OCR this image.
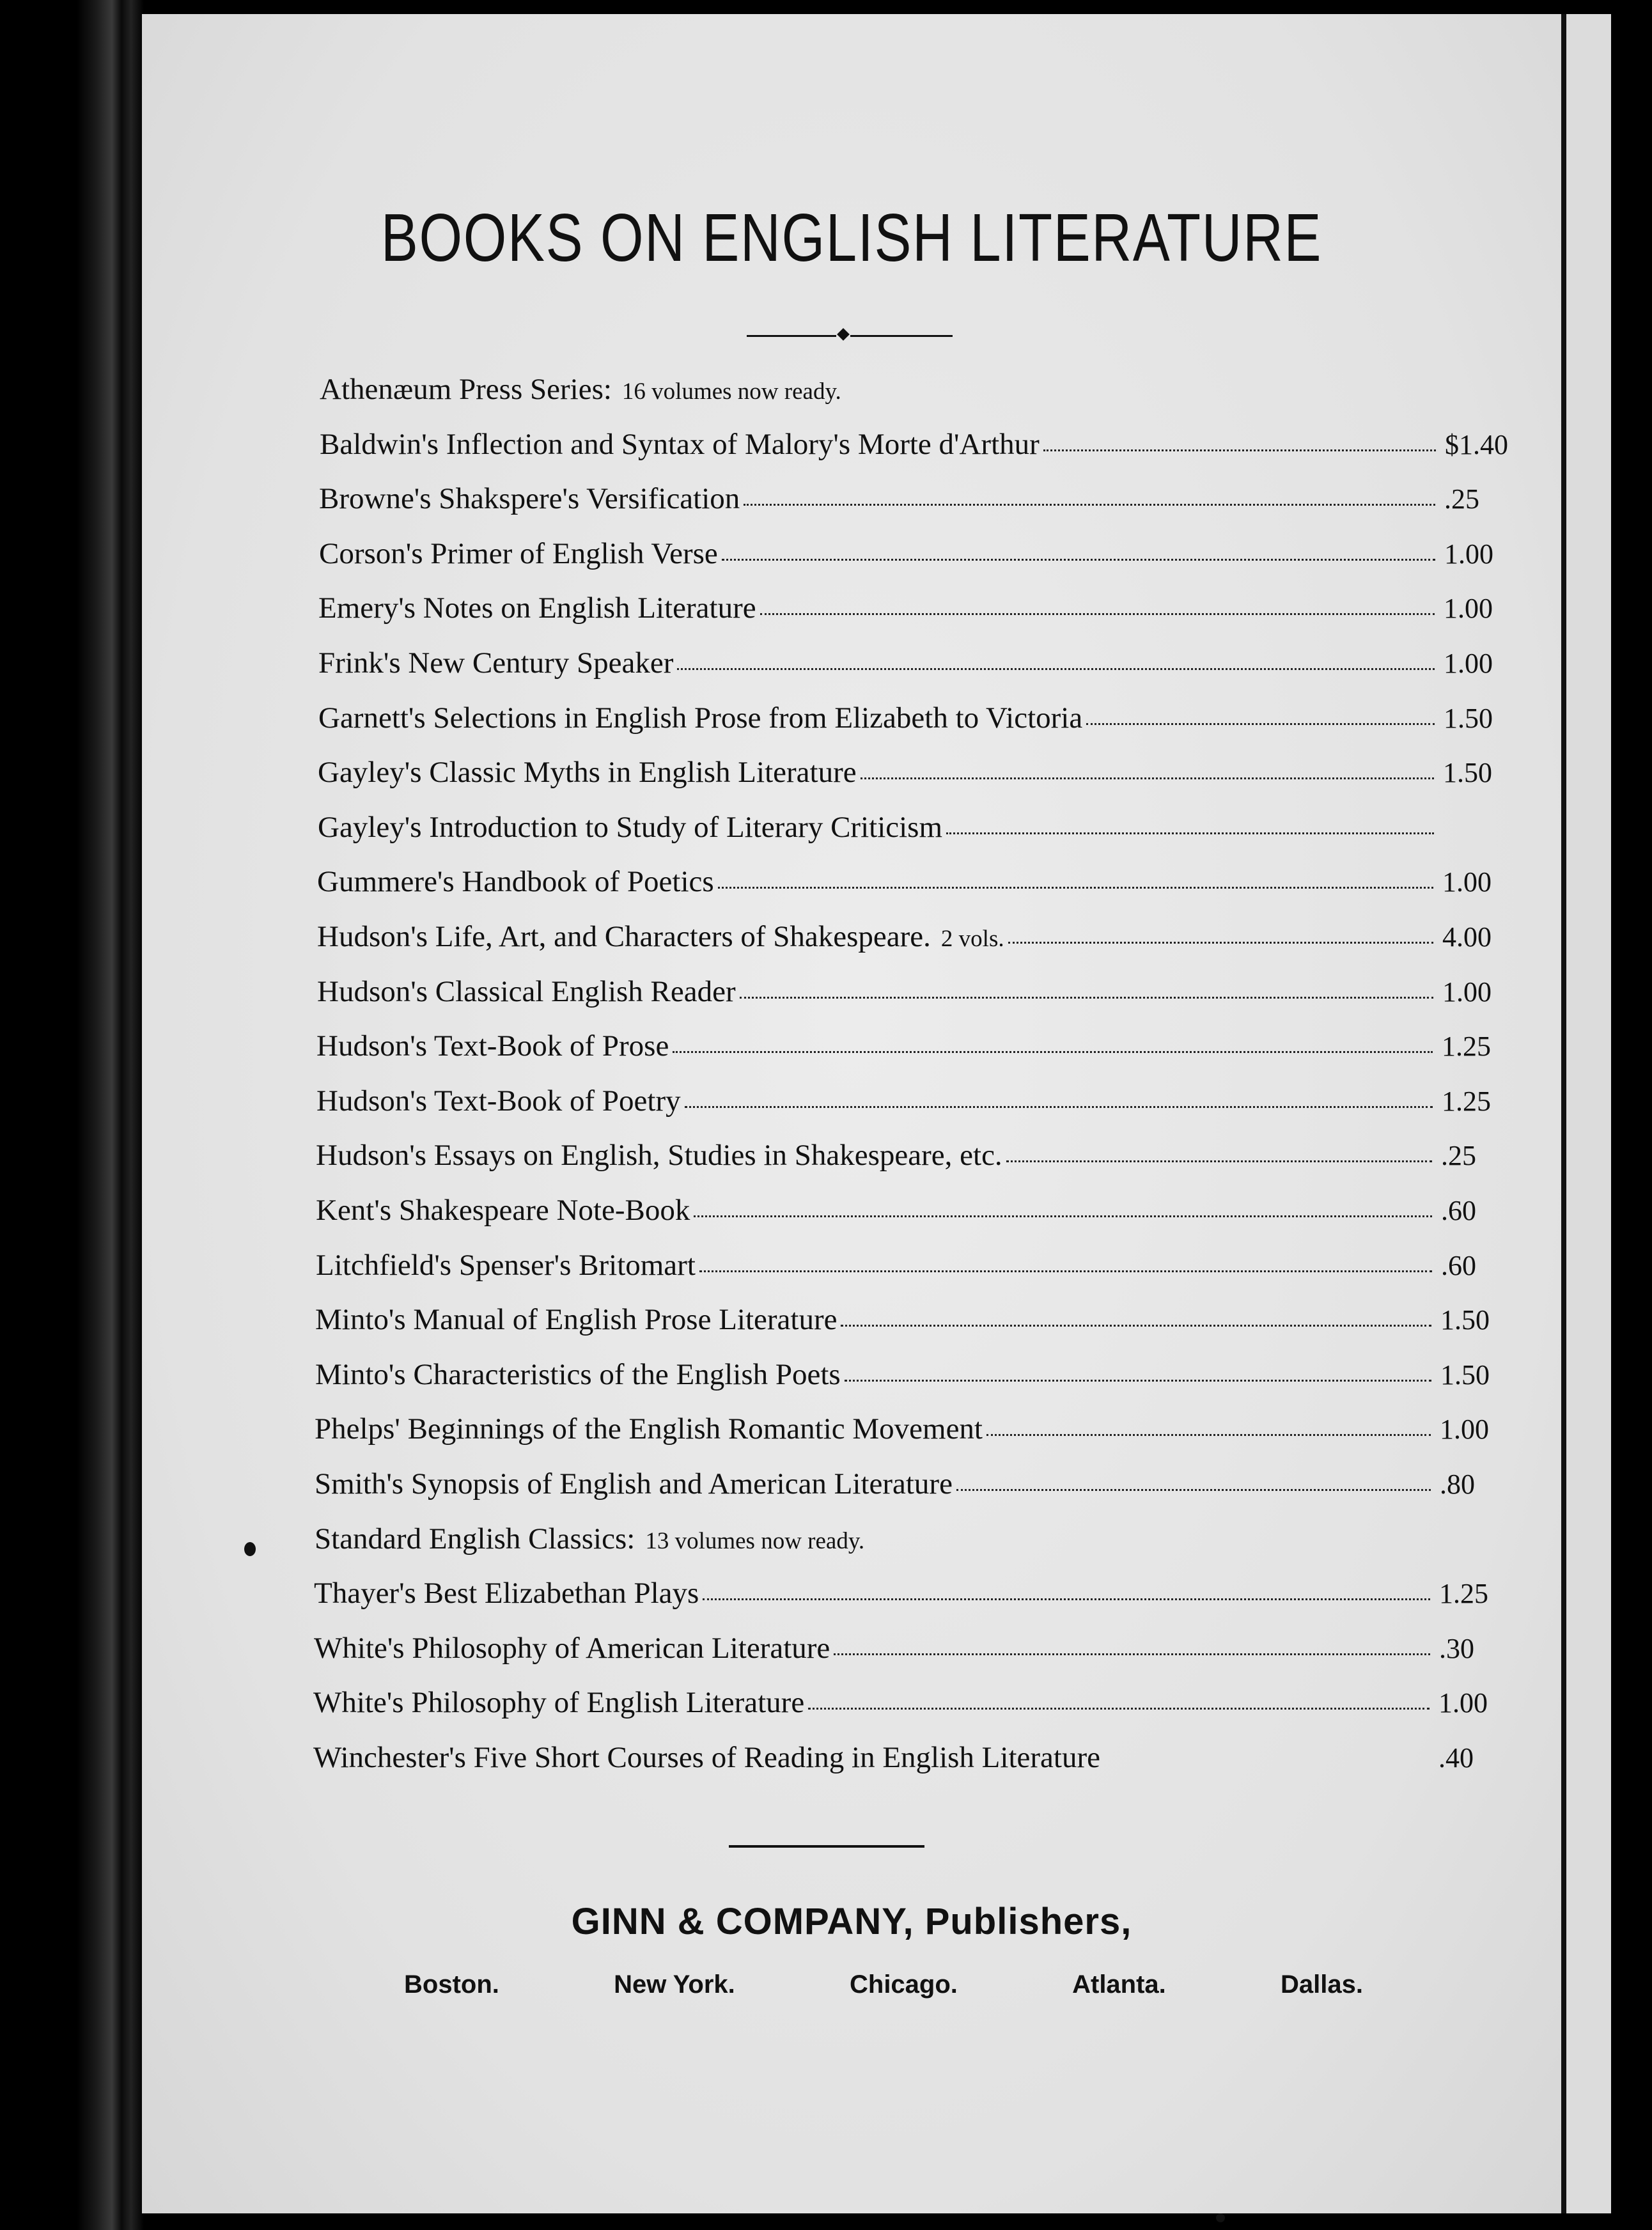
BOOKS ON ENGLISH LITERATURE
Athenæum Press Series: 16 volumes now ready.
Baldwin's Inflection and Syntax of Malory's Morte d'Arthur	$1.40
Browne's Shakspere's Versification	.25
Corson's Primer of English Verse	1.00
Emery's Notes on English Literature	1.00
Frink's New Century Speaker	1.00
Garnett's Selections in English Prose from Elizabeth to Victoria	1.50
Gayley's Classic Myths in English Literature	1.50
Gayley's Introduction to Study of Literary Criticism
Gummere's Handbook of Poetics	1.00
Hudson's Life, Art, and Characters of Shakespeare. 2 vols.	4.00
Hudson's Classical English Reader	1.00
Hudson's Text-Book of Prose	1.25
Hudson's Text-Book of Poetry	1.25
Hudson's Essays on English, Studies in Shakespeare, etc.	.25
Kent's Shakespeare Note-Book	.60
Litchfield's Spenser's Britomart	.60
Minto's Manual of English Prose Literature	1.50
Minto's Characteristics of the English Poets	1.50
Phelps' Beginnings of the English Romantic Movement	1.00
Smith's Synopsis of English and American Literature	.80
Standard English Classics: 13 volumes now ready.
Thayer's Best Elizabethan Plays	1.25
White's Philosophy of American Literature	.30
White's Philosophy of English Literature	1.00
Winchester's Five Short Courses of Reading in English Literature	.40
GINN & COMPANY, Publishers,
Boston.	New York.	Chicago.	Atlanta.	Dallas.
